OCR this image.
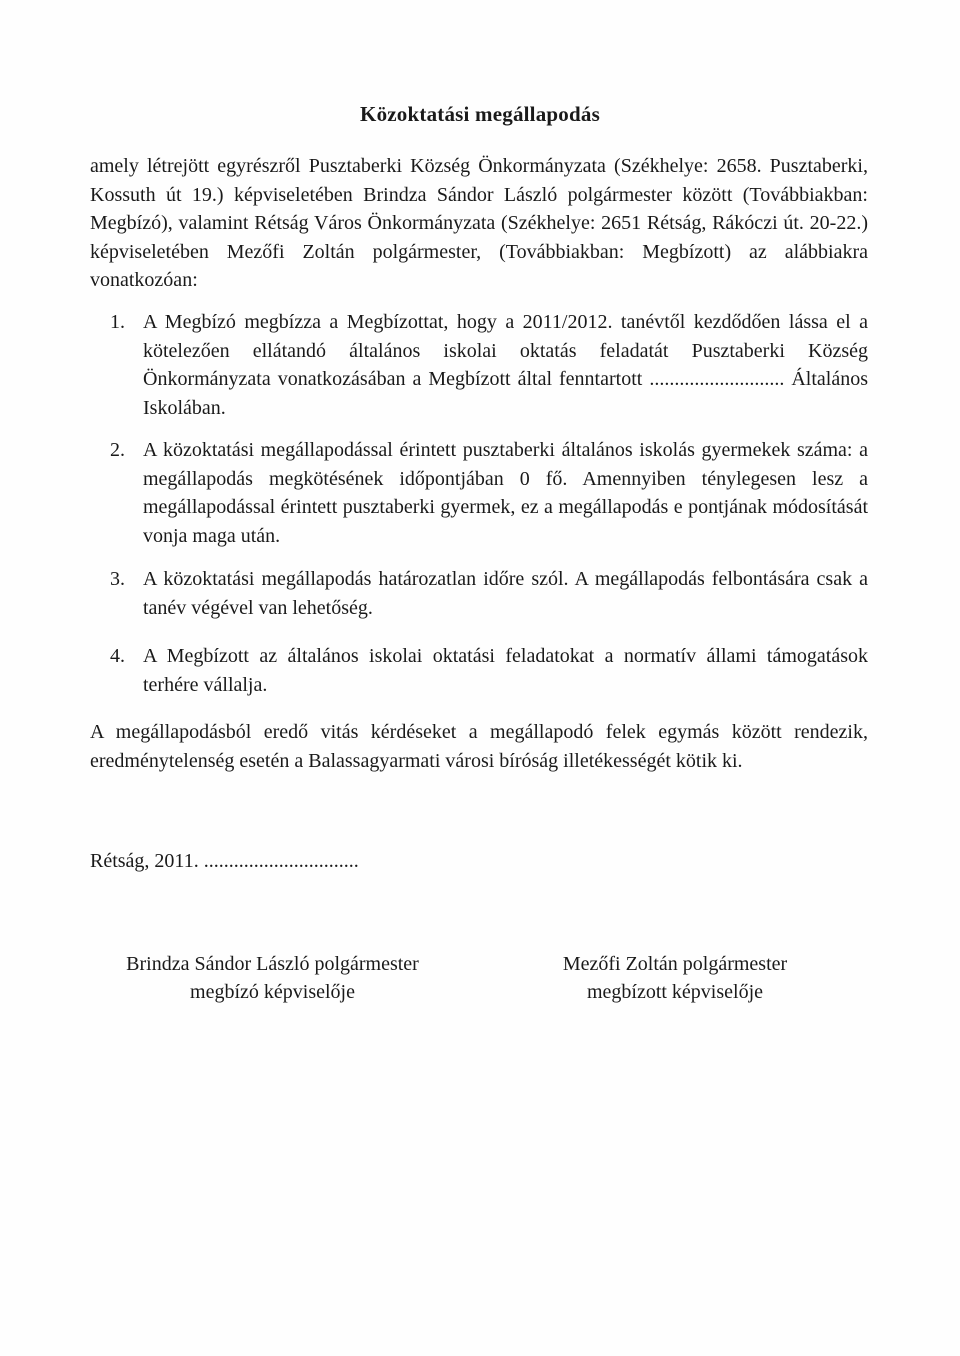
Közoktatási megállapodás
amely létrejött egyrészről Pusztaberki Község Önkormányzata (Székhelye: 2658. Pusztaberki, Kossuth út 19.) képviseletében Brindza Sándor László polgármester között (Továbbiakban: Megbízó), valamint Rétság Város Önkormányzata (Székhelye: 2651 Rétság, Rákóczi út. 20-22.) képviseletében Mezőfi Zoltán polgármester, (Továbbiakban: Megbízott) az alábbiakra vonatkozóan:
1. A Megbízó megbízza a Megbízottat, hogy a 2011/2012. tanévtől kezdődően lássa el a kötelezően ellátandó általános iskolai oktatás feladatát Pusztaberki Község Önkormányzata vonatkozásában a Megbízott által fenntartott ........................... Általános Iskolában.
2. A közoktatási megállapodással érintett pusztaberki általános iskolás gyermekek száma: a megállapodás megkötésének időpontjában 0 fő. Amennyiben ténylegesen lesz a megállapodással érintett pusztaberki gyermek, ez a megállapodás e pontjának módosítását vonja maga után.
3. A közoktatási megállapodás határozatlan időre szól. A megállapodás felbontására csak a tanév végével van lehetőség.
4. A Megbízott az általános iskolai oktatási feladatokat a normatív állami támogatások terhére vállalja.
A megállapodásból eredő vitás kérdéseket a megállapodó felek egymás között rendezik, eredménytelenség esetén a Balassagyarmati városi bíróság illetékességét kötik ki.
Rétság, 2011. ...............................
Brindza Sándor László polgármester
megbízó képviselője
Mezőfi Zoltán polgármester
megbízott képviselője
